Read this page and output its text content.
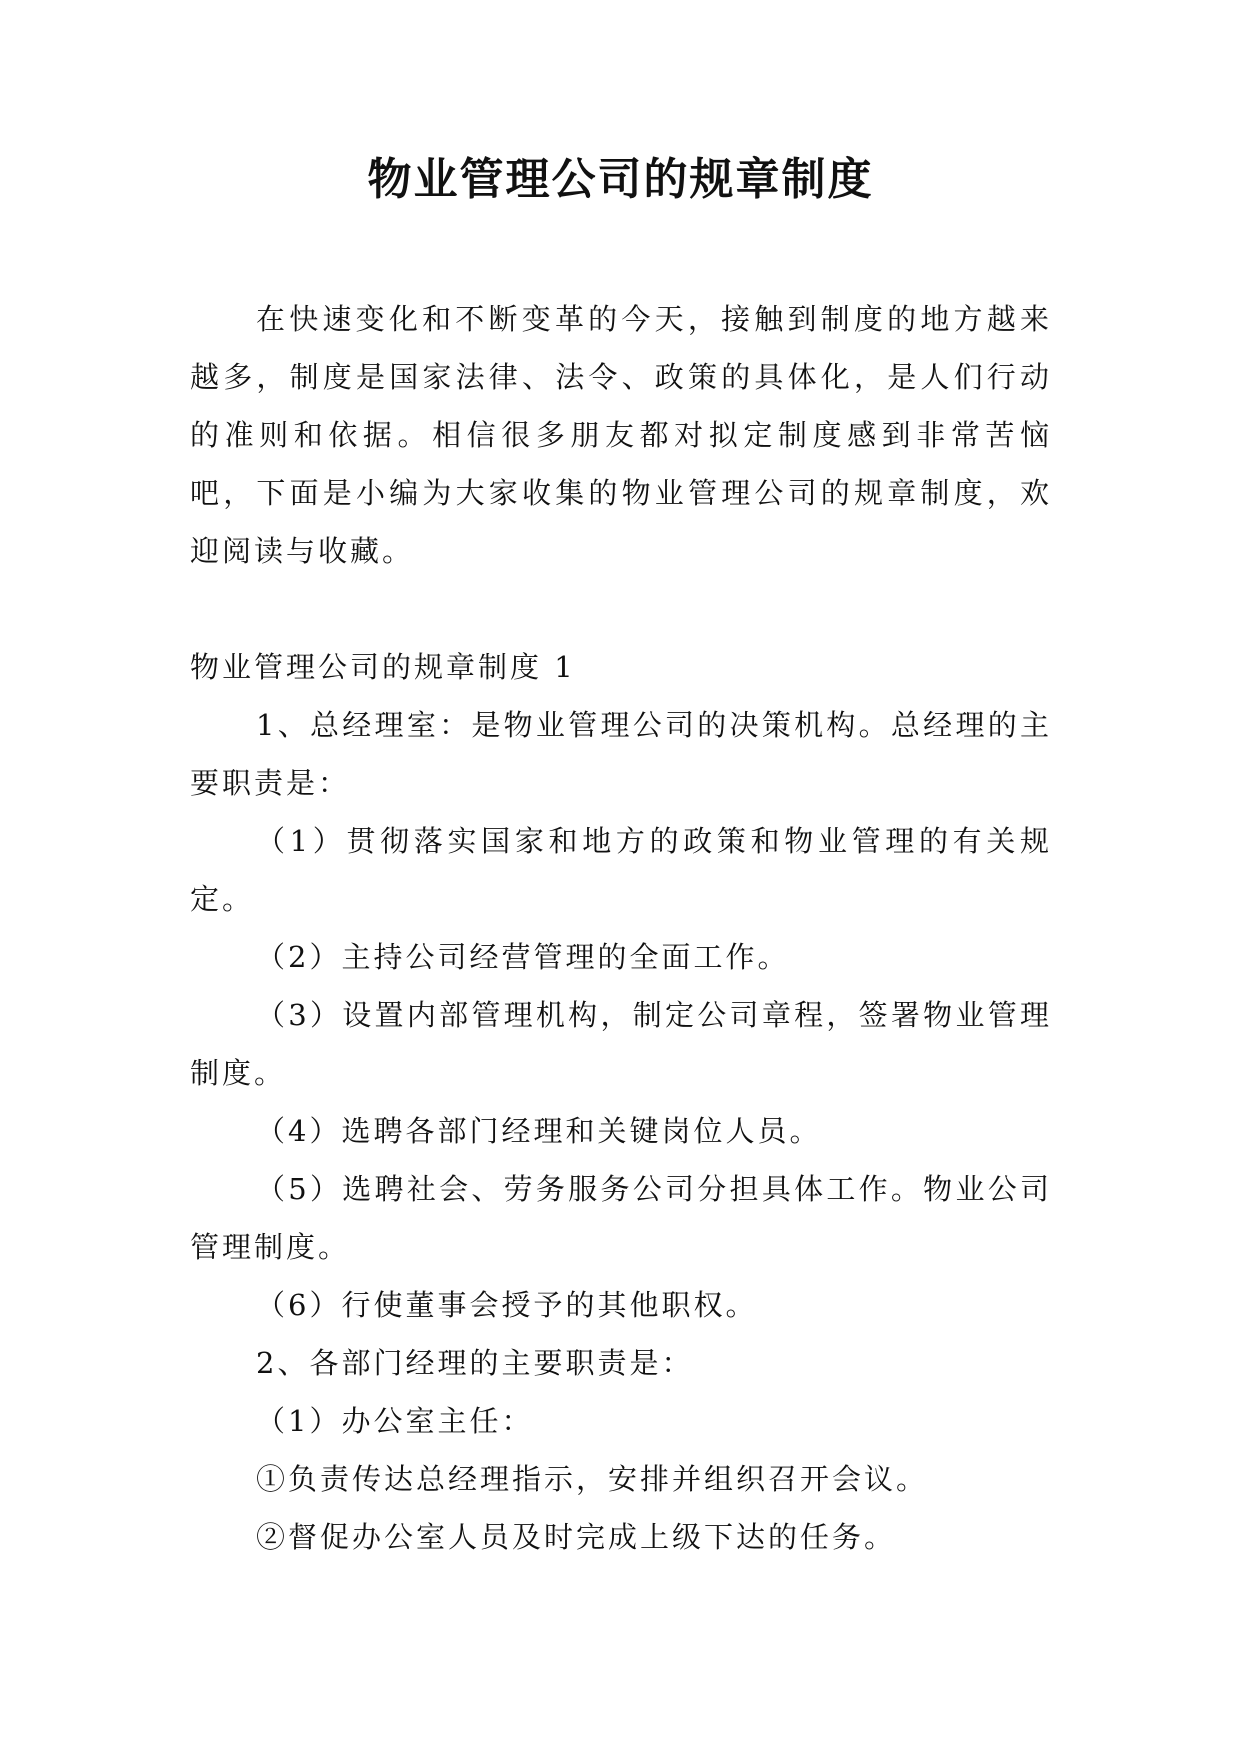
物业管理公司的规章制度

在快速变化和不断变革的今天，接触到制度的地方越来越多，制度是国家法律、法令、政策的具体化，是人们行动的准则和依据。相信很多朋友都对拟定制度感到非常苦恼吧，下面是小编为大家收集的物业管理公司的规章制度，欢迎阅读与收藏。

物业管理公司的规章制度 1

1、总经理室：是物业管理公司的决策机构。总经理的主要职责是：

（1）贯彻落实国家和地方的政策和物业管理的有关规定。

（2）主持公司经营管理的全面工作。

（3）设置内部管理机构，制定公司章程，签署物业管理制度。

（4）选聘各部门经理和关键岗位人员。

（5）选聘社会、劳务服务公司分担具体工作。物业公司管理制度。

（6）行使董事会授予的其他职权。

2、各部门经理的主要职责是：

（1）办公室主任：

①负责传达总经理指示，安排并组织召开会议。

②督促办公室人员及时完成上级下达的任务。
